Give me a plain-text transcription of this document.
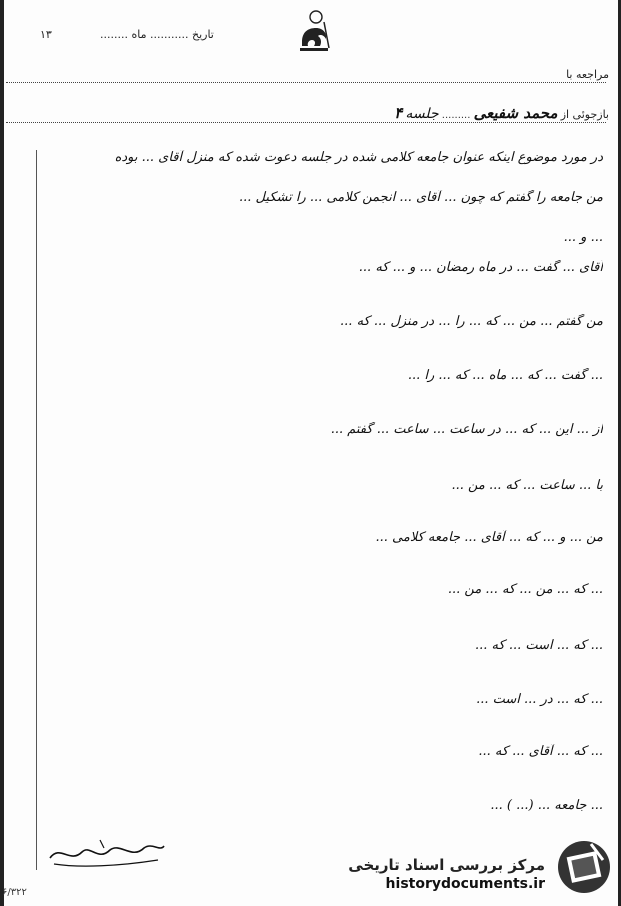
۱۳	تاریخ ........... ماه ........
مراجعه با
بازجوئی از محمد شفیعی ......... جلسه ۴
در مورد موضوع اینکه عنوان جامعه کلامی شده در جلسه دعوت شده که منزل آقای ... بوده
من جامعه را گفتم که چون ... آقای ... انجمن کلامی ... را تشکیل ...
... و ...
آقای ... گفت ... در ماه رمضان ... و ... که ...
من گفتم ... من ... که ... را ... در منزل ... که ...
... گفت ... که ... ماه ... که ... را ...
از ... این ... که ... در ساعت ... ساعت ... گفتم ...
با ... ساعت ... که ... من ...
من ... و ... که ... آقای ... جامعه کلامی ...
... که ... من ... که ... من ...
... که ... است ... که ...
... که ... در ... است ...
... که ... آقای ... که ...
... جامعه ... (... ) ...
۶/۳۲۲
مرکز بررسی اسناد تاریخی
historydocuments.ir
